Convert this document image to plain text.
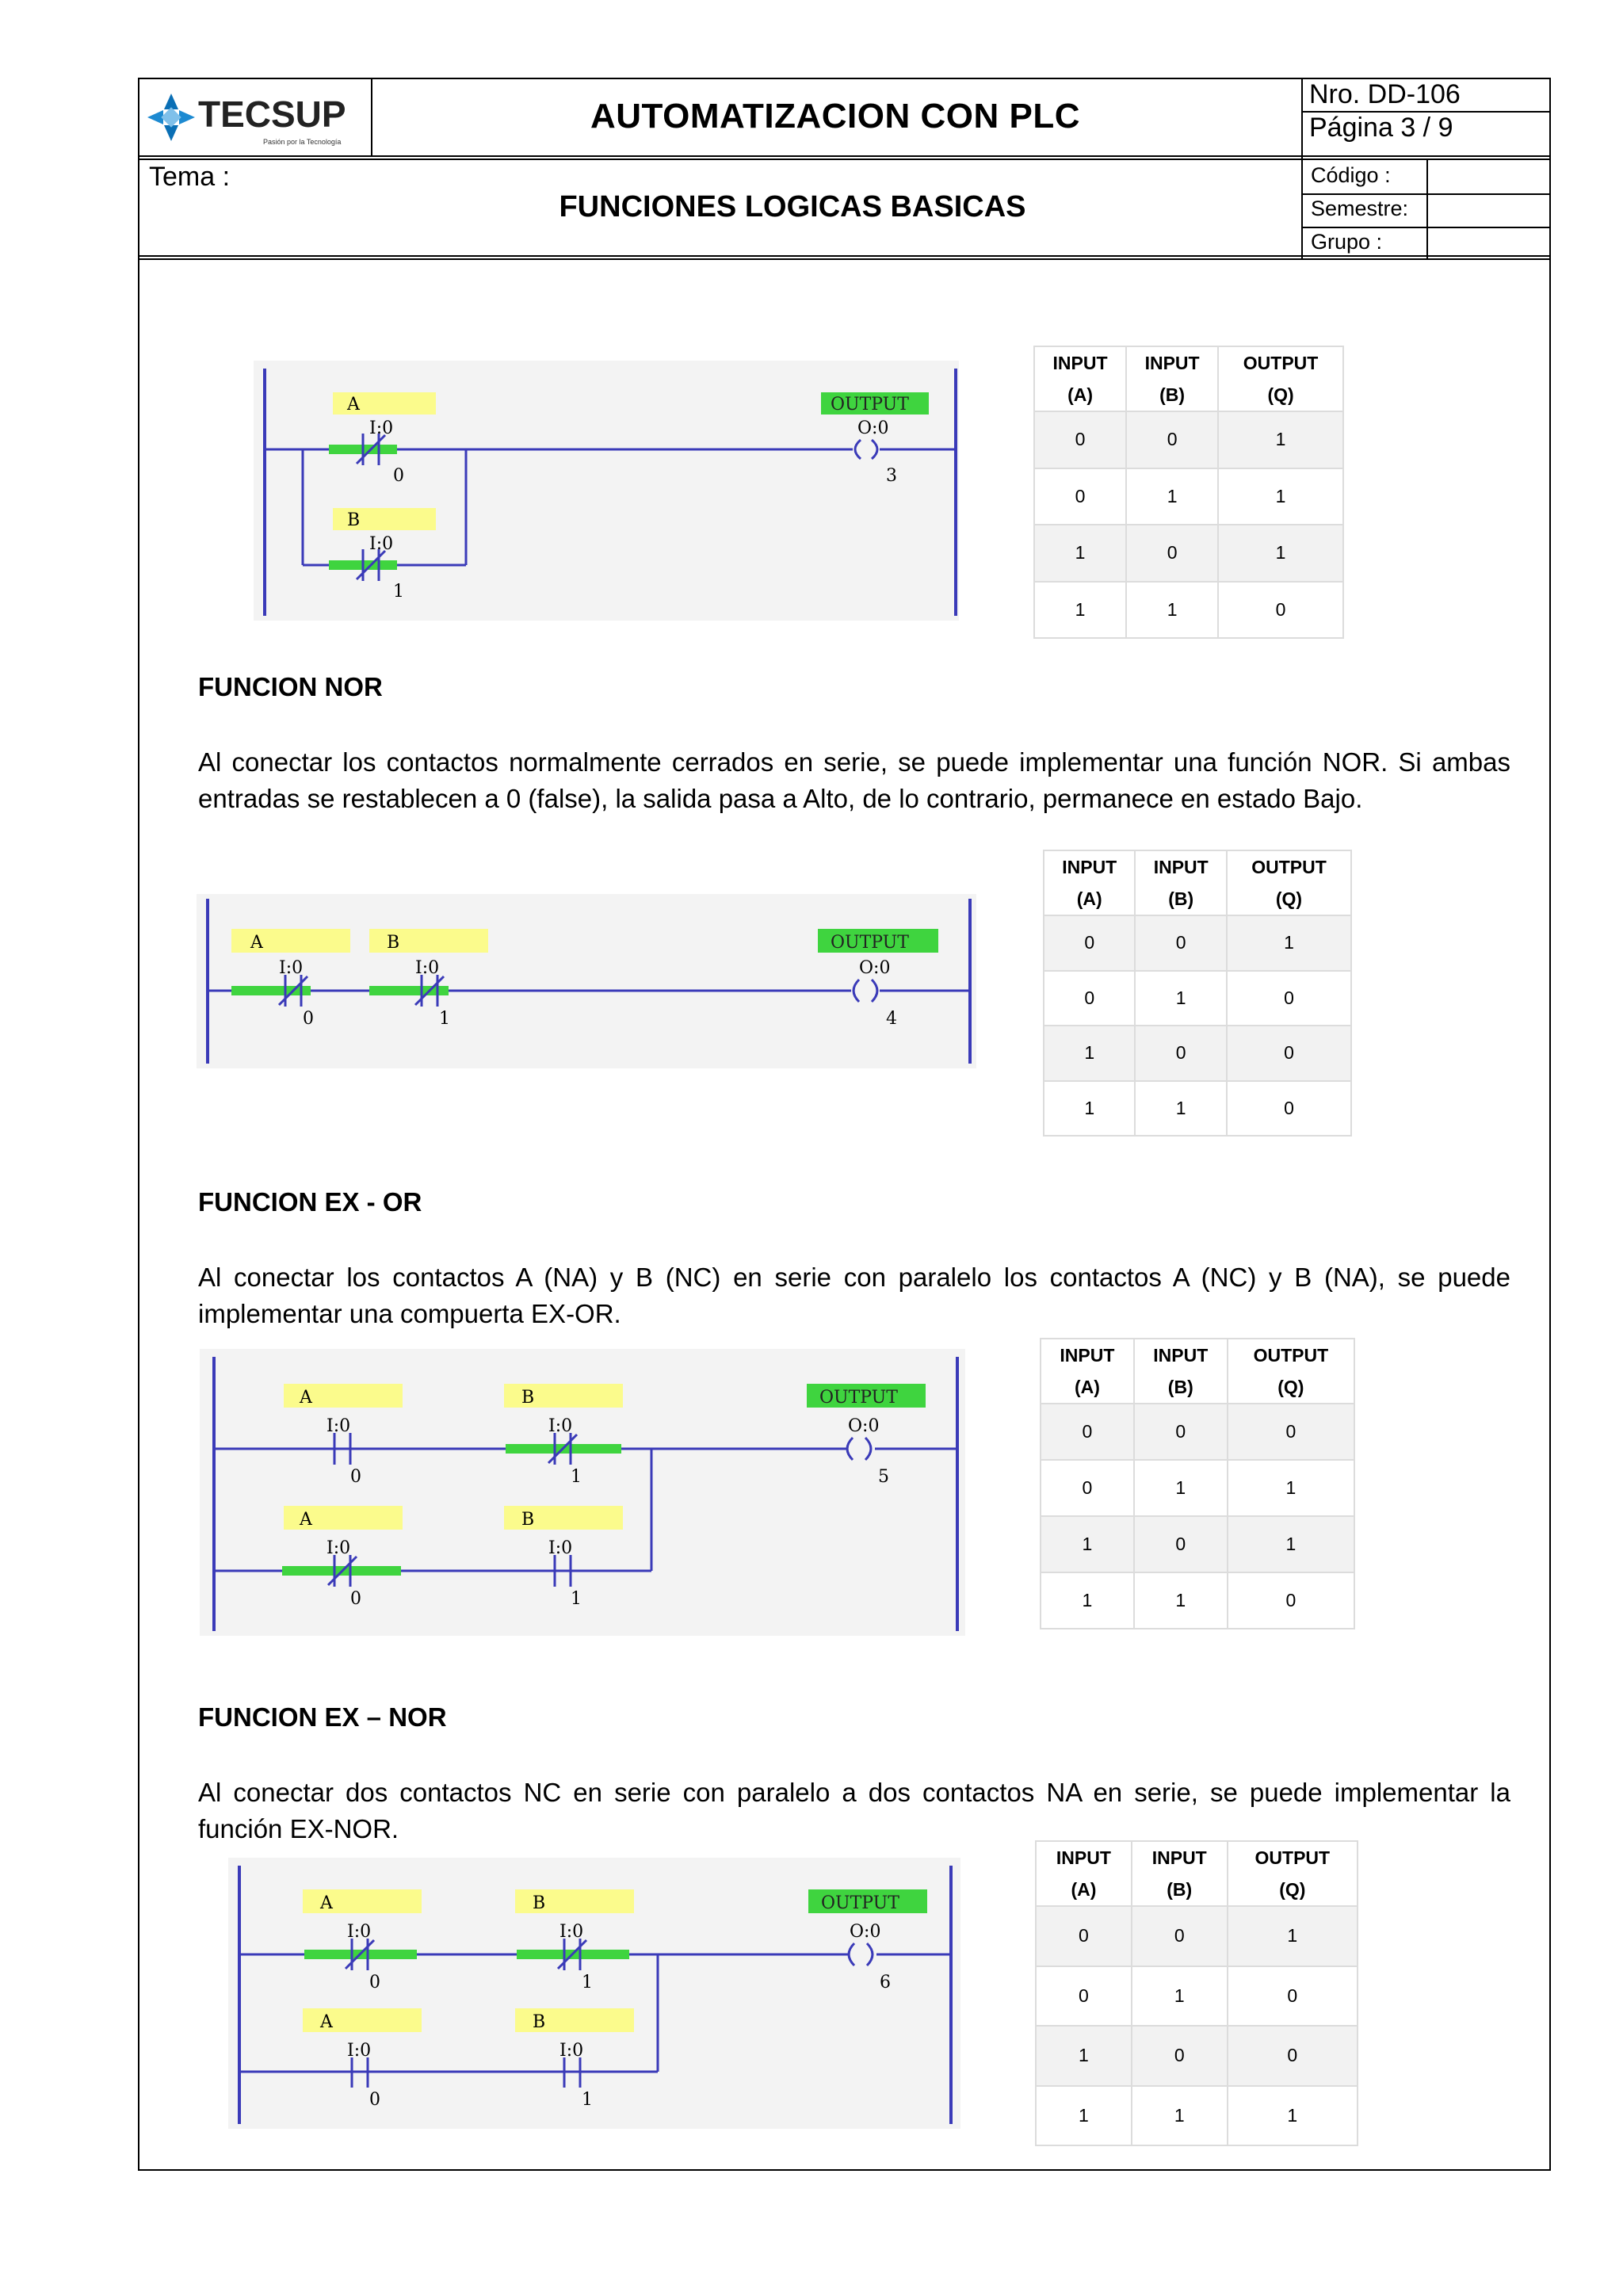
TECSUP
Pasión por la Tecnología
AUTOMATIZACION CON PLC
Nro. DD-106
Página 3 / 9
Tema :
FUNCIONES LOGICAS BASICAS
Código :
Semestre:
Grupo :
A
I:0
0
B
I:0
1
OUTPUT
O:0
3
INPUT
(A)	INPUT
(B)	OUTPUT
(Q)
0	0	1
0	1	1
1	0	1
1	1	0
FUNCION NOR
Al conectar los contactos normalmente cerrados en serie, se puede implementar una función NOR. Si ambas entradas se restablecen a 0 (false), la salida pasa a Alto, de lo contrario, permanece en estado Bajo.
A
I:0
0
B
I:0
1
OUTPUT
O:0
4
INPUT
(A)	INPUT
(B)	OUTPUT
(Q)
0	0	1
0	1	0
1	0	0
1	1	0
FUNCION EX - OR
Al conectar los contactos A (NA) y B (NC) en serie con paralelo los contactos A (NC) y B (NA), se puede implementar una compuerta EX-OR.
A
I:0
0
B
I:0
1
A
I:0
0
B
I:0
1
OUTPUT
O:0
5
INPUT
(A)	INPUT
(B)	OUTPUT
(Q)
0	0	0
0	1	1
1	0	1
1	1	0
FUNCION EX – NOR
Al conectar dos contactos NC en serie con paralelo a dos contactos NA en serie, se puede implementar la función EX-NOR.
A
I:0
0
B
I:0
1
A
I:0
0
B
I:0
1
OUTPUT
O:0
6
INPUT
(A)	INPUT
(B)	OUTPUT
(Q)
0	0	1
0	1	0
1	0	0
1	1	1
